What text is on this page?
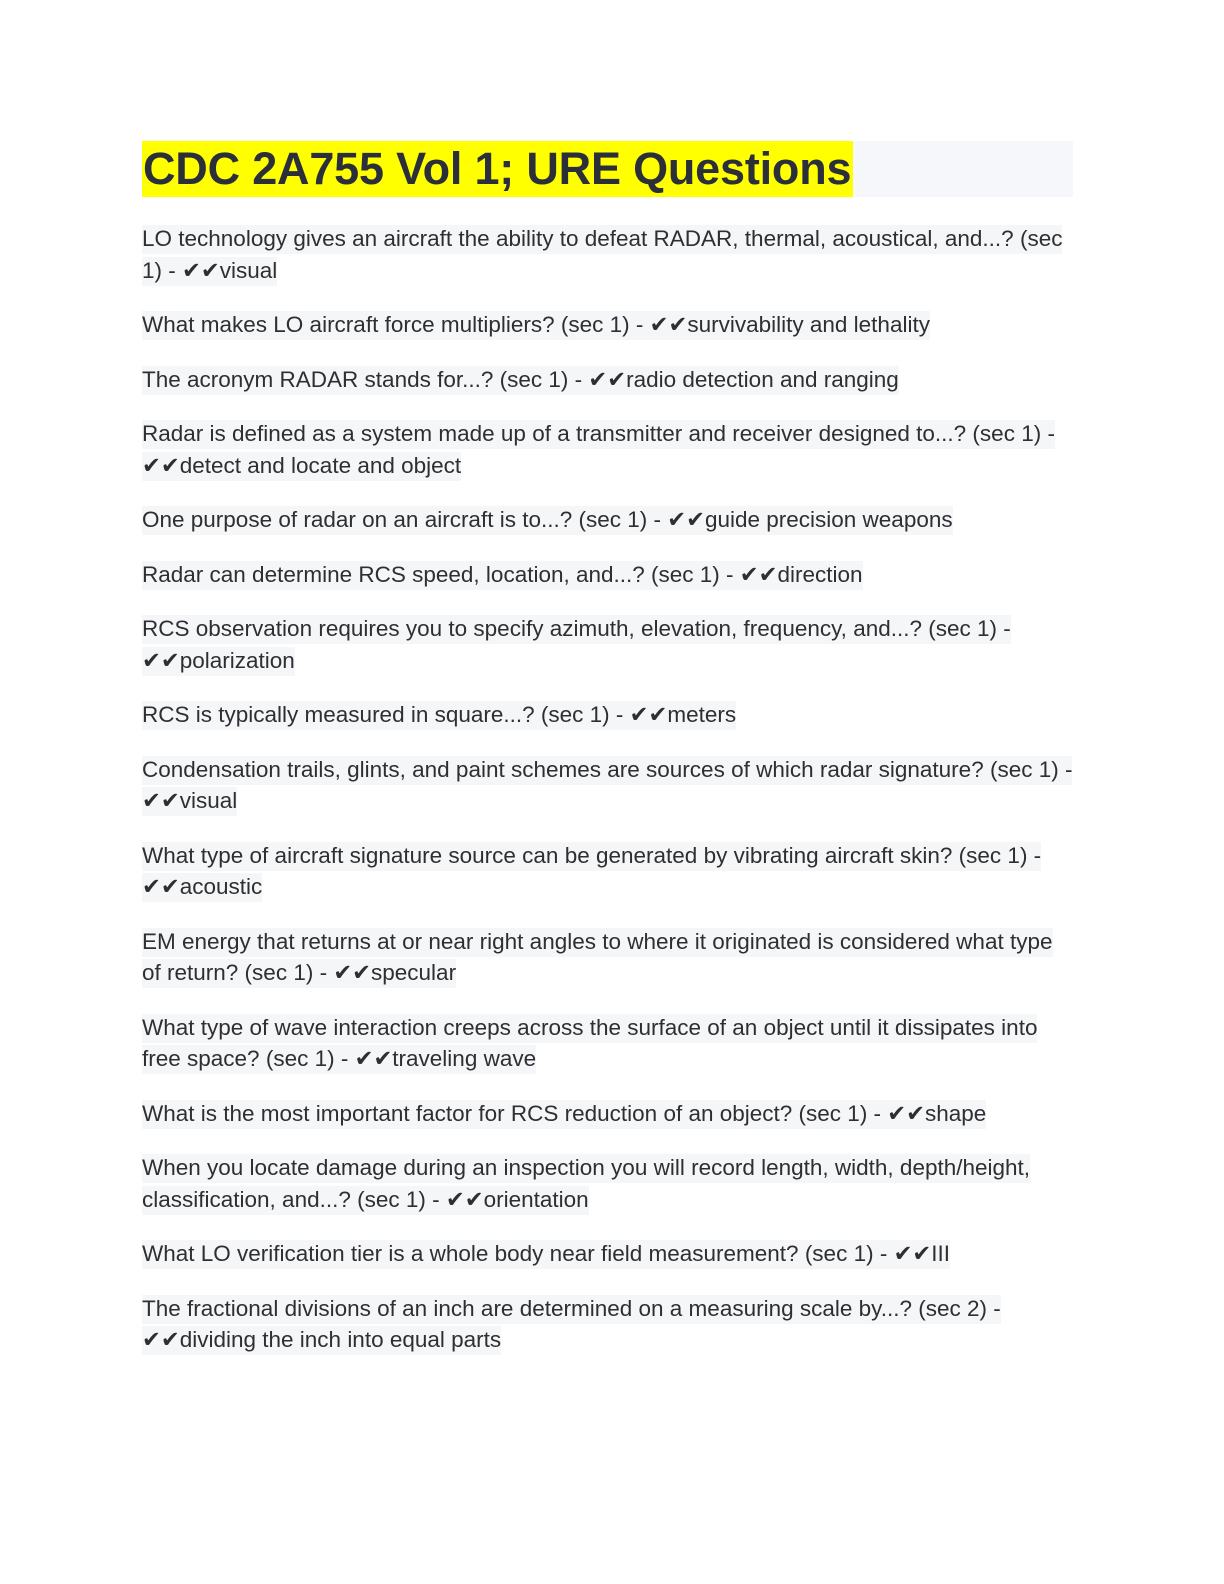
CDC 2A755 Vol 1; URE Questions

LO technology gives an aircraft the ability to defeat RADAR, thermal, acoustical, and...? (sec 1) - ✔✔visual

What makes LO aircraft force multipliers? (sec 1) - ✔✔survivability and lethality

The acronym RADAR stands for...? (sec 1) - ✔✔radio detection and ranging

Radar is defined as a system made up of a transmitter and receiver designed to...? (sec 1) - ✔✔detect and locate and object

One purpose of radar on an aircraft is to...? (sec 1) - ✔✔guide precision weapons

Radar can determine RCS speed, location, and...? (sec 1) - ✔✔direction

RCS observation requires you to specify azimuth, elevation, frequency, and...? (sec 1) - ✔✔polarization

RCS is typically measured in square...? (sec 1) - ✔✔meters

Condensation trails, glints, and paint schemes are sources of which radar signature? (sec 1) - ✔✔visual

What type of aircraft signature source can be generated by vibrating aircraft skin? (sec 1) - ✔✔acoustic

EM energy that returns at or near right angles to where it originated is considered what type of return? (sec 1) - ✔✔specular

What type of wave interaction creeps across the surface of an object until it dissipates into free space? (sec 1) - ✔✔traveling wave

What is the most important factor for RCS reduction of an object? (sec 1) - ✔✔shape

When you locate damage during an inspection you will record length, width, depth/height, classification, and...? (sec 1) - ✔✔orientation

What LO verification tier is a whole body near field measurement? (sec 1) - ✔✔III

The fractional divisions of an inch are determined on a measuring scale by...? (sec 2) - ✔✔dividing the inch into equal parts
